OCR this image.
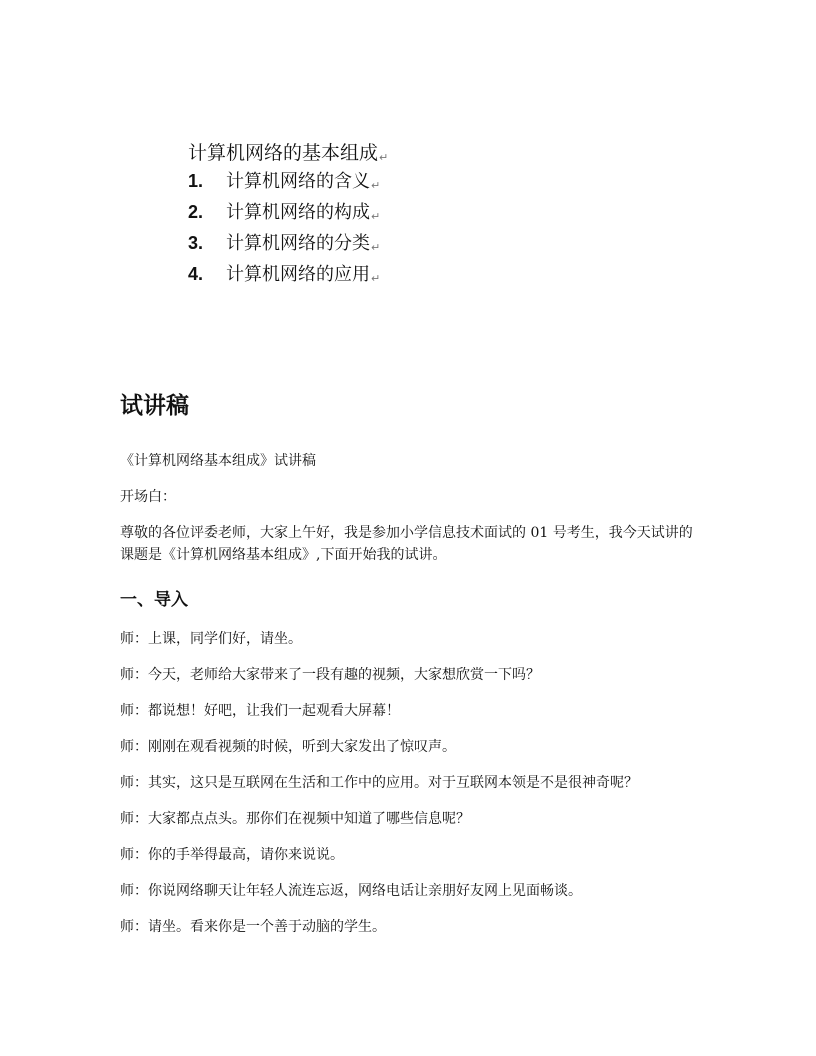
计算机网络的基本组成↵
1. 计算机网络的含义↵
2. 计算机网络的构成↵
3. 计算机网络的分类↵
4. 计算机网络的应用↵
试讲稿
《计算机网络基本组成》试讲稿
开场白：
尊敬的各位评委老师，大家上午好，我是参加小学信息技术面试的 01 号考生，我今天试讲的课题是《计算机网络基本组成》,下面开始我的试讲。
一、导入
师：上课，同学们好，请坐。
师：今天，老师给大家带来了一段有趣的视频，大家想欣赏一下吗？
师：都说想！好吧，让我们一起观看大屏幕！
师：刚刚在观看视频的时候，听到大家发出了惊叹声。
师：其实，这只是互联网在生活和工作中的应用。对于互联网本领是不是很神奇呢？
师：大家都点点头。那你们在视频中知道了哪些信息呢？
师：你的手举得最高，请你来说说。
师：你说网络聊天让年轻人流连忘返，网络电话让亲朋好友网上见面畅谈。
师：请坐。看来你是一个善于动脑的学生。
